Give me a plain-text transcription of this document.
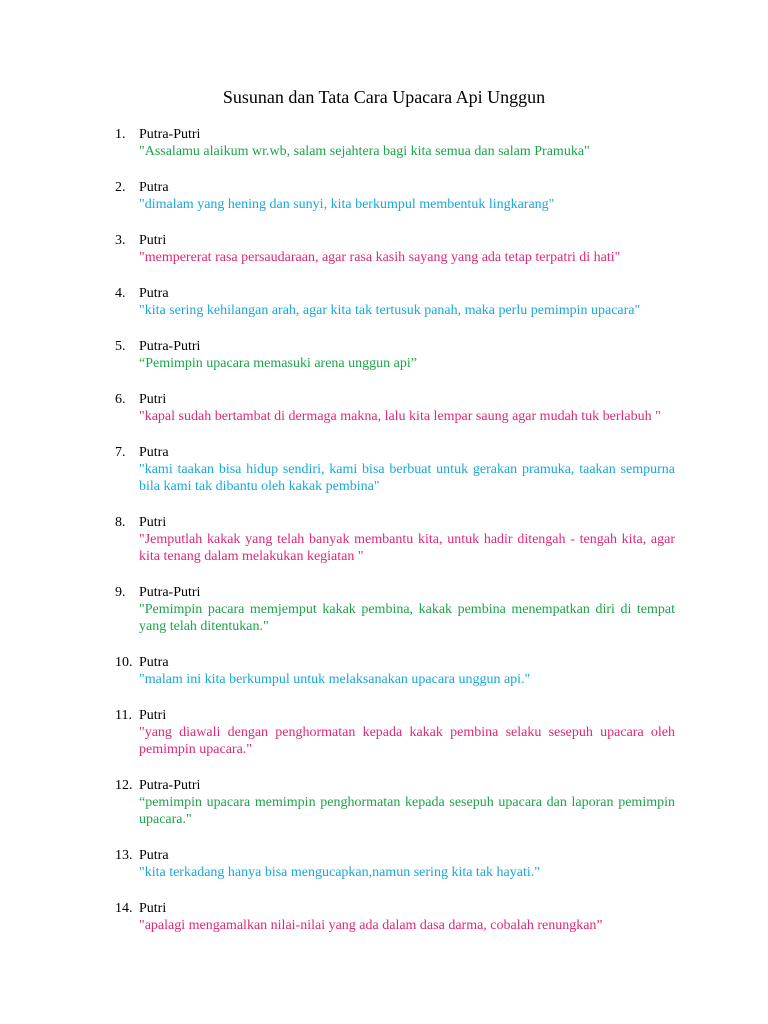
Susunan dan Tata Cara Upacara Api Unggun
1. Putra-Putri
"Assalamu alaikum wr.wb, salam sejahtera bagi kita semua dan salam Pramuka"
2. Putra
"dimalam yang hening dan sunyi, kita berkumpul membentuk lingkarang"
3. Putri
"mempererat rasa persaudaraan, agar rasa kasih sayang yang ada tetap terpatri di hati"
4. Putra
"kita sering kehilangan arah, agar kita tak tertusuk panah, maka perlu pemimpin upacara"
5. Putra-Putri
“Pemimpin upacara memasuki arena unggun api”
6. Putri
"kapal sudah bertambat di dermaga makna, lalu kita lempar saung agar mudah tuk berlabuh "
7. Putra
"kami taakan bisa hidup sendiri, kami bisa berbuat untuk gerakan pramuka, taakan sempurna bila kami tak dibantu oleh kakak pembina"
8. Putri
"Jemputlah kakak yang telah banyak membantu kita, untuk hadir ditengah - tengah kita, agar kita tenang dalam melakukan kegiatan "
9. Putra-Putri
"Pemimpin pacara memjemput kakak pembina, kakak pembina menempatkan diri di tempat yang telah ditentukan."
10. Putra
"malam ini kita berkumpul untuk melaksanakan upacara unggun api."
11. Putri
"yang diawali dengan penghormatan kepada kakak pembina selaku sesepuh upacara oleh pemimpin upacara."
12. Putra-Putri
“pemimpin upacara memimpin penghormatan kepada sesepuh upacara dan laporan pemimpin upacara."
13. Putra
"kita terkadang hanya bisa mengucapkan,namun sering kita tak hayati."
14. Putri
"apalagi mengamalkan nilai-nilai yang ada dalam dasa darma, cobalah renungkan”
